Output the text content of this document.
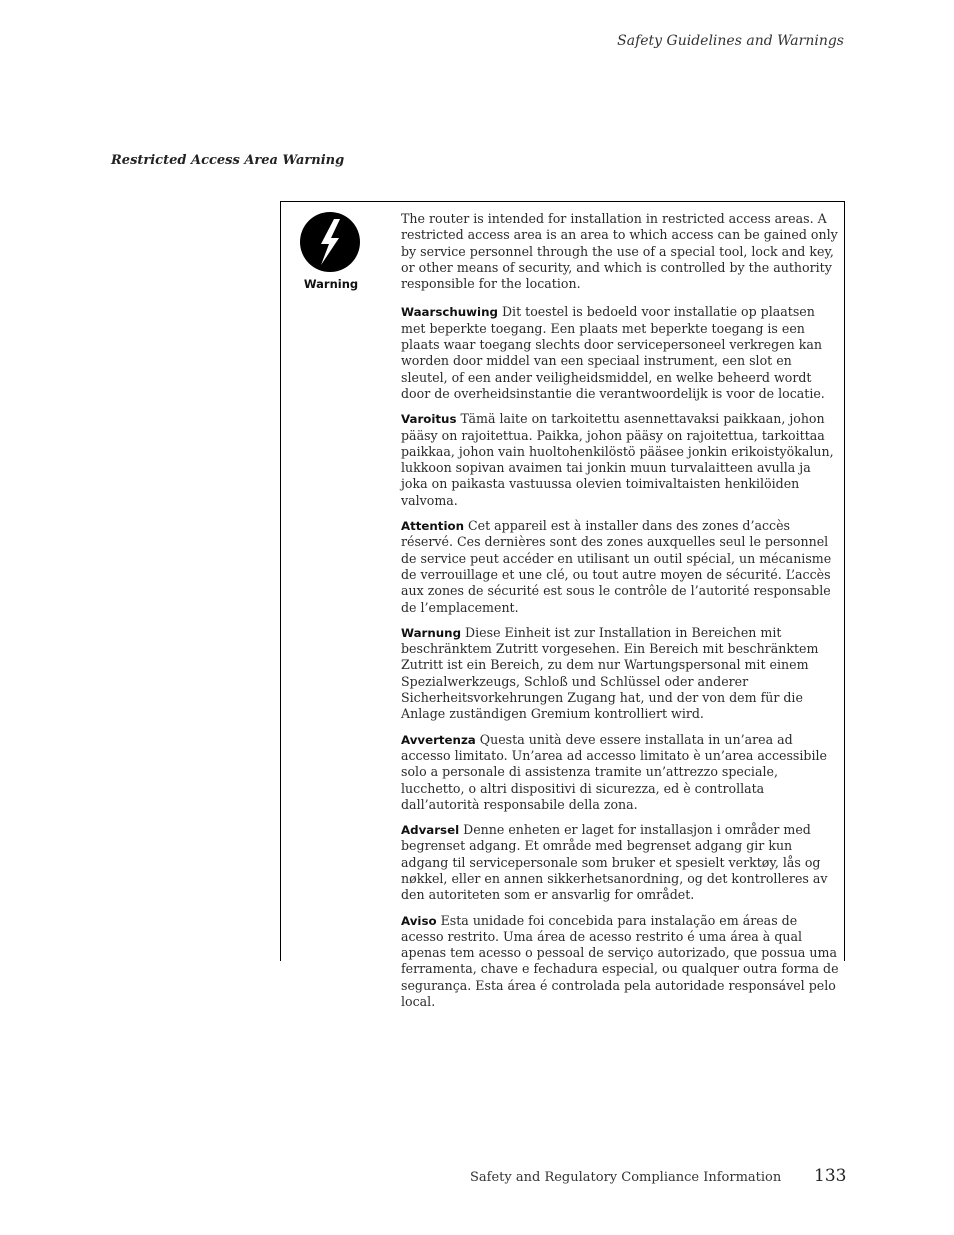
Safety Guidelines and Warnings
Restricted Access Area Warning
Warning

The router is intended for installation in restricted access areas. A restricted access area is an area to which access can be gained only by service personnel through the use of a special tool, lock and key, or other means of security, and which is controlled by the authority responsible for the location.

Waarschuwing Dit toestel is bedoeld voor installatie op plaatsen met beperkte toegang. Een plaats met beperkte toegang is een plaats waar toegang slechts door servicepersoneel verkregen kan worden door middel van een speciaal instrument, een slot en sleutel, of een ander veiligheidsmiddel, en welke beheerd wordt door de overheidsinstantie die verantwoordelijk is voor de locatie.

Varoitus Tämä laite on tarkoitettu asennettavaksi paikkaan, johon pääsy on rajoitettua. Paikka, johon pääsy on rajoitettua, tarkoittaa paikkaa, johon vain huoltohenkilöstö pääsee jonkin erikoistyökalun, lukkoon sopivan avaimen tai jonkin muun turvalaitteen avulla ja joka on paikasta vastuussa olevien toimivaltaisten henkilöiden valvoma.

Attention Cet appareil est à installer dans des zones d’accès réservé. Ces dernières sont des zones auxquelles seul le personnel de service peut accéder en utilisant un outil spécial, un mécanisme de verrouillage et une clé, ou tout autre moyen de sécurité. L’accès aux zones de sécurité est sous le contrôle de l’autorité responsable de l’emplacement.

Warnung Diese Einheit ist zur Installation in Bereichen mit beschränktem Zutritt vorgesehen. Ein Bereich mit beschränktem Zutritt ist ein Bereich, zu dem nur Wartungspersonal mit einem Spezialwerkzeugs, Schloß und Schlüssel oder anderer Sicherheitsvorkehrungen Zugang hat, und der von dem für die Anlage zuständigen Gremium kontrolliert wird.

Avvertenza Questa unità deve essere installata in un’area ad accesso limitato. Un’area ad accesso limitato è un’area accessibile solo a personale di assistenza tramite un’attrezzo speciale, lucchetto, o altri dispositivi di sicurezza, ed è controllata dall’autorità responsabile della zona.

Advarsel Denne enheten er laget for installasjon i områder med begrenset adgang. Et område med begrenset adgang gir kun adgang til servicepersonale som bruker et spesielt verktøy, lås og nøkkel, eller en annen sikkerhetsanordning, og det kontrolleres av den autoriteten som er ansvarlig for området.

Aviso Esta unidade foi concebida para instalação em áreas de acesso restrito. Uma área de acesso restrito é uma área à qual apenas tem acesso o pessoal de serviço autorizado, que possua uma ferramenta, chave e fechadura especial, ou qualquer outra forma de segurança. Esta área é controlada pela autoridade responsável pelo local.

Safety and Regulatory Compliance Information 133
